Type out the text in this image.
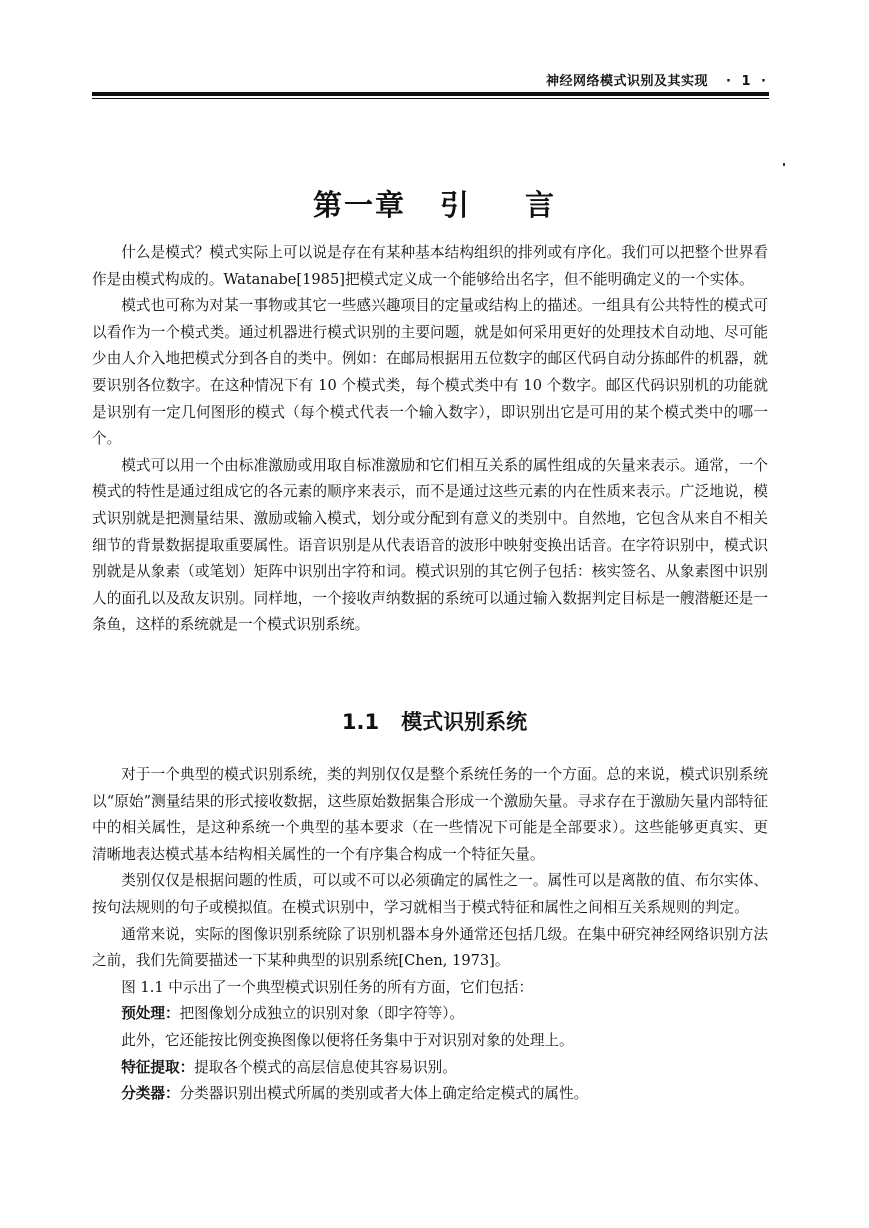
神经网络模式识别及其实现 · 1 ·
第一章 引 言

什么是模式？模式实际上可以说是存在有某种基本结构组织的排列或有序化。我们可以把整个世界看作是由模式构成的。Watanabe[1985]把模式定义成一个能够给出名字，但不能明确定义的一个实体。

模式也可称为对某一事物或其它一些感兴趣项目的定量或结构上的描述。一组具有公共特性的模式可以看作为一个模式类。通过机器进行模式识别的主要问题，就是如何采用更好的处理技术自动地、尽可能少由人介入地把模式分到各自的类中。例如：在邮局根据用五位数字的邮区代码自动分拣邮件的机器，就要识别各位数字。在这种情况下有 10 个模式类，每个模式类中有 10 个数字。邮区代码识别机的功能就是识别有一定几何图形的模式（每个模式代表一个输入数字），即识别出它是可用的某个模式类中的哪一个。

模式可以用一个由标准激励或用取自标准激励和它们相互关系的属性组成的矢量来表示。通常，一个模式的特性是通过组成它的各元素的顺序来表示，而不是通过这些元素的内在性质来表示。广泛地说，模式识别就是把测量结果、激励或输入模式，划分或分配到有意义的类别中。自然地，它包含从来自不相关细节的背景数据提取重要属性。语音识别是从代表语音的波形中映射变换出话音。在字符识别中，模式识别就是从象素（或笔划）矩阵中识别出字符和词。模式识别的其它例子包括：核实签名、从象素图中识别人的面孔以及敌友识别。同样地，一个接收声纳数据的系统可以通过输入数据判定目标是一艘潜艇还是一条鱼，这样的系统就是一个模式识别系统。

1.1 模式识别系统

对于一个典型的模式识别系统，类的判别仅仅是整个系统任务的一个方面。总的来说，模式识别系统以“原始”测量结果的形式接收数据，这些原始数据集合形成一个激励矢量。寻求存在于激励矢量内部特征中的相关属性，是这种系统一个典型的基本要求（在一些情况下可能是全部要求）。这些能够更真实、更清晰地表达模式基本结构相关属性的一个有序集合构成一个特征矢量。

类别仅仅是根据问题的性质，可以或不可以必须确定的属性之一。属性可以是离散的值、布尔实体、按句法规则的句子或模拟值。在模式识别中，学习就相当于模式特征和属性之间相互关系规则的判定。

通常来说，实际的图像识别系统除了识别机器本身外通常还包括几级。在集中研究神经网络识别方法之前，我们先简要描述一下某种典型的识别系统[Chen, 1973]。

图 1.1 中示出了一个典型模式识别任务的所有方面，它们包括：

预处理：把图像划分成独立的识别对象（即字符等）。

此外，它还能按比例变换图像以便将任务集中于对识别对象的处理上。

特征提取：提取各个模式的高层信息使其容易识别。

分类器：分类器识别出模式所属的类别或者大体上确定给定模式的属性。
